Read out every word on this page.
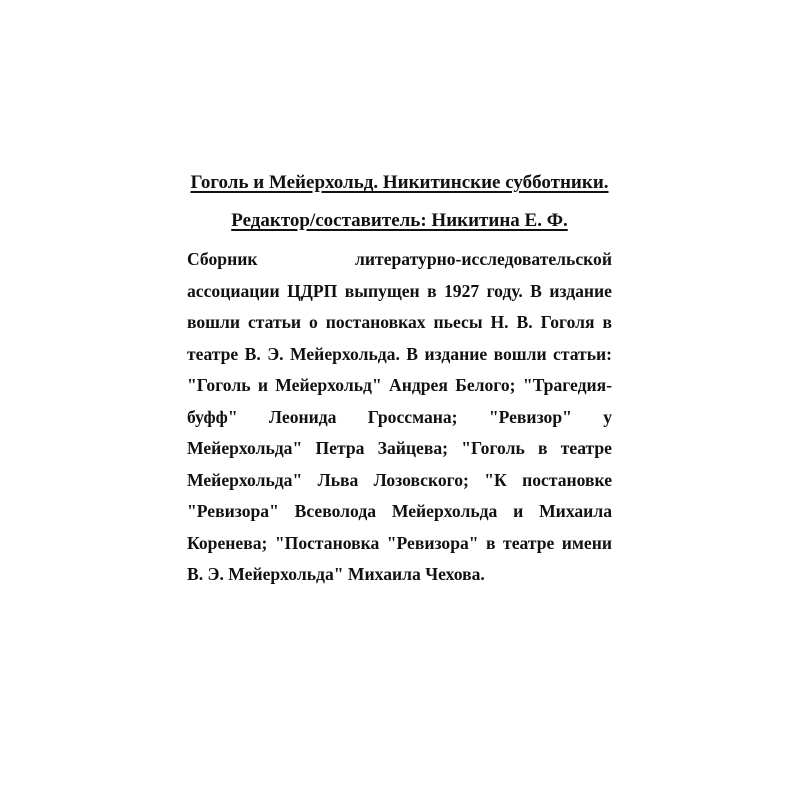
Гоголь и Мейерхольд. Никитинские субботники.

Редактор/составитель: Никитина Е. Ф.

Сборник литературно-исследовательской ассоциации ЦДРП выпущен в 1927 году. В издание вошли статьи о постановках пьесы Н. В. Гоголя в театре В. Э. Мейерхольда. В издание вошли статьи: "Гоголь и Мейерхольд" Андрея Белого; "Трагедия-буфф" Леонида Гроссмана; "Ревизор" у Мейерхольда" Петра Зайцева; "Гоголь в театре Мейерхольда" Льва Лозовского; "К постановке "Ревизора" Всеволода Мейерхольда и Михаила Коренева; "Постановка "Ревизора" в театре имени В. Э. Мейерхольда" Михаила Чехова.
